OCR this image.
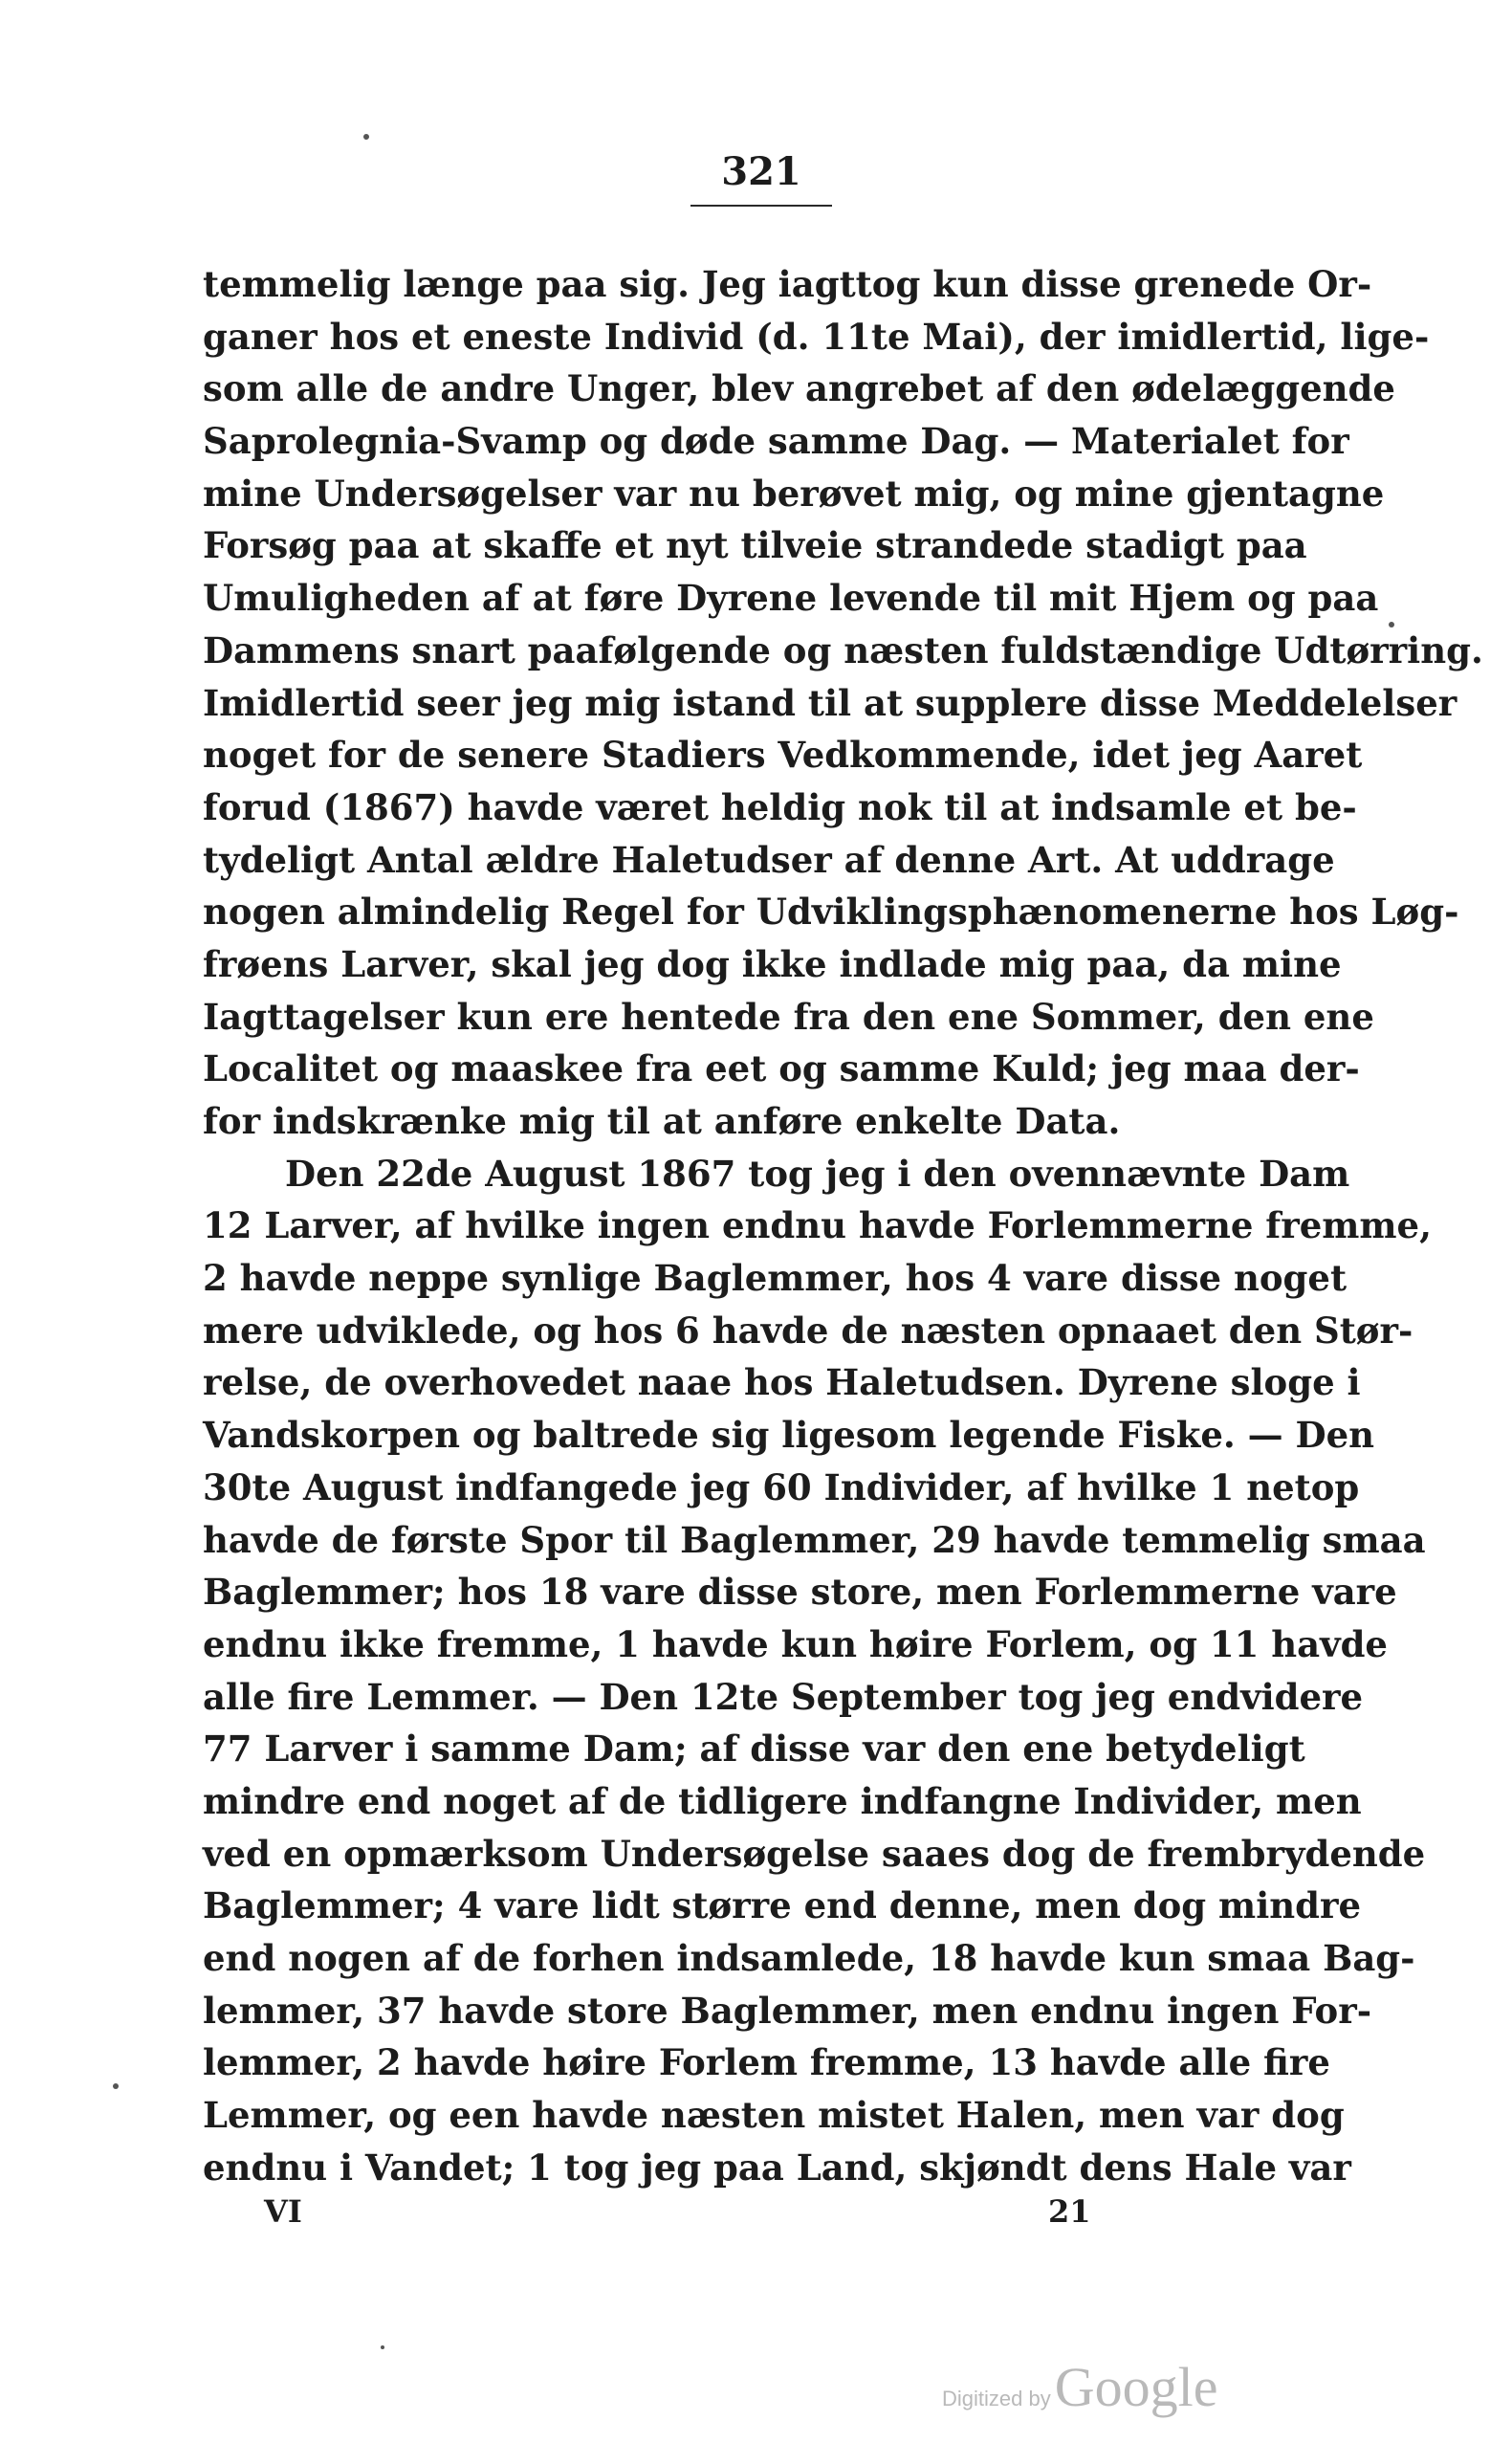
321
temmelig længe paa sig. Jeg iagttog kun disse grenede Or-
ganer hos et eneste Individ (d. 11te Mai), der imidlertid, lige-
som alle de andre Unger, blev angrebet af den ødelæggende
Saprolegnia-Svamp og døde samme Dag. — Materialet for
mine Undersøgelser var nu berøvet mig, og mine gjentagne
Forsøg paa at skaffe et nyt tilveie strandede stadigt paa
Umuligheden af at føre Dyrene levende til mit Hjem og paa
Dammens snart paafølgende og næsten fuldstændige Udtørring.
Imidlertid seer jeg mig istand til at supplere disse Meddelelser
noget for de senere Stadiers Vedkommende, idet jeg Aaret
forud (1867) havde været heldig nok til at indsamle et be-
tydeligt Antal ældre Haletudser af denne Art. At uddrage
nogen almindelig Regel for Udviklingsphænomenerne hos Løg-
frøens Larver, skal jeg dog ikke indlade mig paa, da mine
Iagttagelser kun ere hentede fra den ene Sommer, den ene
Localitet og maaskee fra eet og samme Kuld; jeg maa der-
for indskrænke mig til at anføre enkelte Data.
Den 22de August 1867 tog jeg i den ovennævnte Dam
12 Larver, af hvilke ingen endnu havde Forlemmerne fremme,
2 havde neppe synlige Baglemmer, hos 4 vare disse noget
mere udviklede, og hos 6 havde de næsten opnaaet den Stør-
relse, de overhovedet naae hos Haletudsen. Dyrene sloge i
Vandskorpen og baltrede sig ligesom legende Fiske. — Den
30te August indfangede jeg 60 Individer, af hvilke 1 netop
havde de første Spor til Baglemmer, 29 havde temmelig smaa
Baglemmer; hos 18 vare disse store, men Forlemmerne vare
endnu ikke fremme, 1 havde kun høire Forlem, og 11 havde
alle fire Lemmer. — Den 12te September tog jeg endvidere
77 Larver i samme Dam; af disse var den ene betydeligt
mindre end noget af de tidligere indfangne Individer, men
ved en opmærksom Undersøgelse saaes dog de frembrydende
Baglemmer; 4 vare lidt større end denne, men dog mindre
end nogen af de forhen indsamlede, 18 havde kun smaa Bag-
lemmer, 37 havde store Baglemmer, men endnu ingen For-
lemmer, 2 havde høire Forlem fremme, 13 havde alle fire
Lemmer, og een havde næsten mistet Halen, men var dog
endnu i Vandet; 1 tog jeg paa Land, skjøndt dens Hale var
VI	21
Digitized byGoogle
